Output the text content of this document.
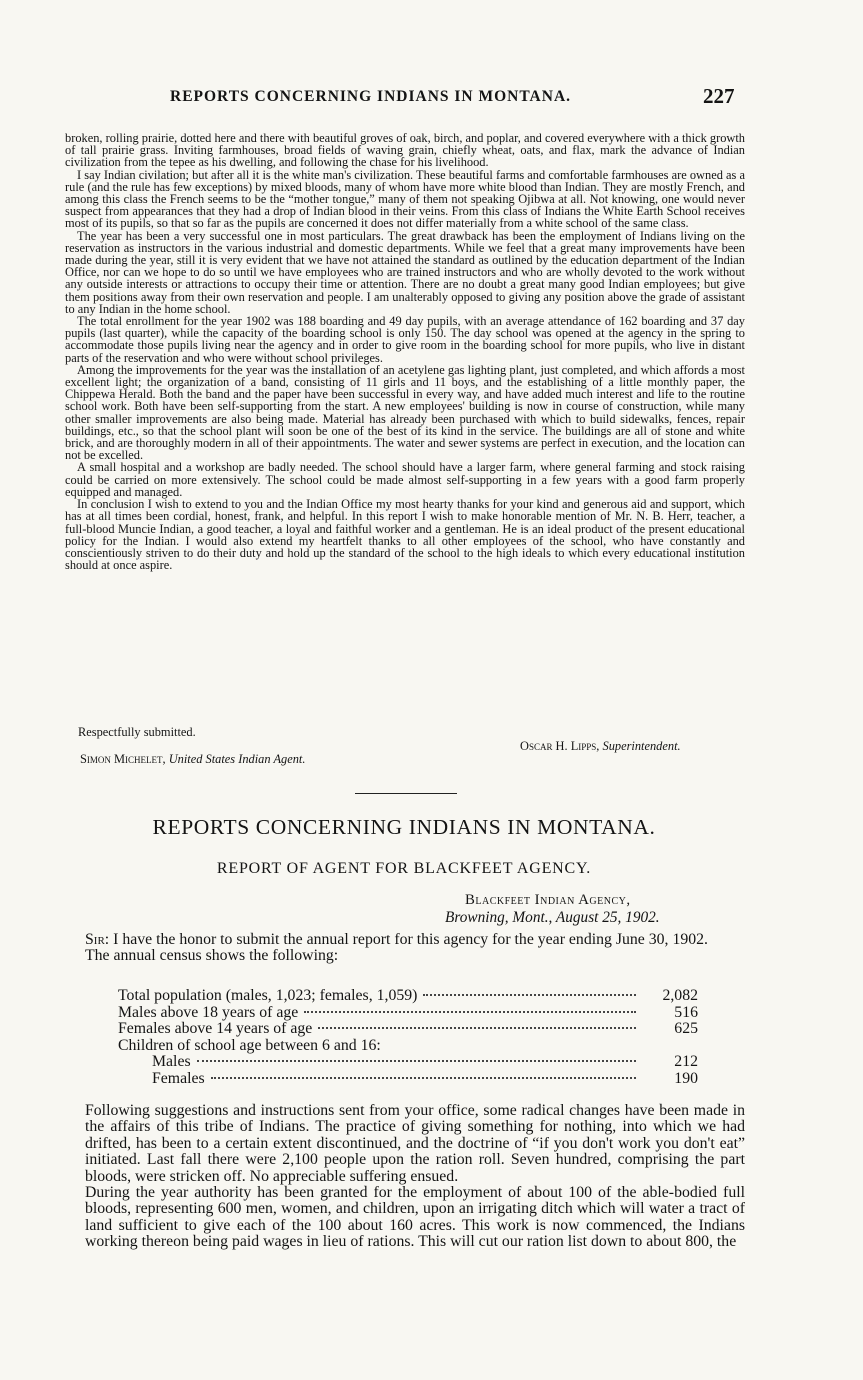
REPORTS CONCERNING INDIANS IN MONTANA.	227

broken, rolling prairie, dotted here and there with beautiful groves of oak, birch, and poplar, and covered everywhere with a thick growth of tall prairie grass. Inviting farmhouses, broad fields of waving grain, chiefly wheat, oats, and flax, mark the advance of Indian civilization from the tepee as his dwelling, and following the chase for his livelihood.

I say Indian civilation; but after all it is the white man's civilization. These beautiful farms and comfortable farmhouses are owned as a rule (and the rule has few exceptions) by mixed bloods, many of whom have more white blood than Indian. They are mostly French, and among this class the French seems to be the “mother tongue,” many of them not speaking Ojibwa at all. Not knowing, one would never suspect from appearances that they had a drop of Indian blood in their veins. From this class of Indians the White Earth School receives most of its pupils, so that so far as the pupils are concerned it does not differ materially from a white school of the same class.

The year has been a very successful one in most particulars. The great drawback has been the employment of Indians living on the reservation as instructors in the various industrial and domestic departments. While we feel that a great many improvements have been made during the year, still it is very evident that we have not attained the standard as outlined by the education department of the Indian Office, nor can we hope to do so until we have employees who are trained instructors and who are wholly devoted to the work without any outside interests or attractions to occupy their time or attention. There are no doubt a great many good Indian employees; but give them positions away from their own reservation and people. I am unalterably opposed to giving any position above the grade of assistant to any Indian in the home school.

The total enrollment for the year 1902 was 188 boarding and 49 day pupils, with an average attendance of 162 boarding and 37 day pupils (last quarter), while the capacity of the boarding school is only 150. The day school was opened at the agency in the spring to accommodate those pupils living near the agency and in order to give room in the boarding school for more pupils, who live in distant parts of the reservation and who were without school privileges.

Among the improvements for the year was the installation of an acetylene gas lighting plant, just completed, and which affords a most excellent light; the organization of a band, consisting of 11 girls and 11 boys, and the establishing of a little monthly paper, the Chippewa Herald. Both the band and the paper have been successful in every way, and have added much interest and life to the routine school work. Both have been self-supporting from the start. A new employees' building is now in course of construction, while many other smaller improvements are also being made. Material has already been purchased with which to build sidewalks, fences, repair buildings, etc., so that the school plant will soon be one of the best of its kind in the service. The buildings are all of stone and white brick, and are thoroughly modern in all of their appointments. The water and sewer systems are perfect in execution, and the location can not be excelled.

A small hospital and a workshop are badly needed. The school should have a larger farm, where general farming and stock raising could be carried on more extensively. The school could be made almost self-supporting in a few years with a good farm properly equipped and managed.

In conclusion I wish to extend to you and the Indian Office my most hearty thanks for your kind and generous aid and support, which has at all times been cordial, honest, frank, and helpful. In this report I wish to make honorable mention of Mr. N. B. Herr, teacher, a full-blood Muncie Indian, a good teacher, a loyal and faithful worker and a gentleman. He is an ideal product of the present educational policy for the Indian. I would also extend my heartfelt thanks to all other employees of the school, who have constantly and conscientiously striven to do their duty and hold up the standard of the school to the high ideals to which every educational institution should at once aspire.

Respectfully submitted.
Oscar H. Lipps, Superintendent.
Simon Michelet, United States Indian Agent.
REPORTS CONCERNING INDIANS IN MONTANA.
REPORT OF AGENT FOR BLACKFEET AGENCY.
Blackfeet Indian Agency,
Browning, Mont., August 25, 1902.

Sir: I have the honor to submit the annual report for this agency for the year ending June 30, 1902.

The annual census shows the following:

Total population (males, 1,023; females, 1,059)	2,082
Males above 18 years of age	516
Females above 14 years of age	625
Children of school age between 6 and 16:
Males	212
Females	190

Following suggestions and instructions sent from your office, some radical changes have been made in the affairs of this tribe of Indians. The practice of giving something for nothing, into which we had drifted, has been to a certain extent discontinued, and the doctrine of “if you don't work you don't eat” initiated. Last fall there were 2,100 people upon the ration roll. Seven hundred, comprising the part bloods, were stricken off. No appreciable suffering ensued.

During the year authority has been granted for the employment of about 100 of the able-bodied full bloods, representing 600 men, women, and children, upon an irrigating ditch which will water a tract of land sufficient to give each of the 100 about 160 acres. This work is now commenced, the Indians working thereon being paid wages in lieu of rations. This will cut our ration list down to about 800, the
